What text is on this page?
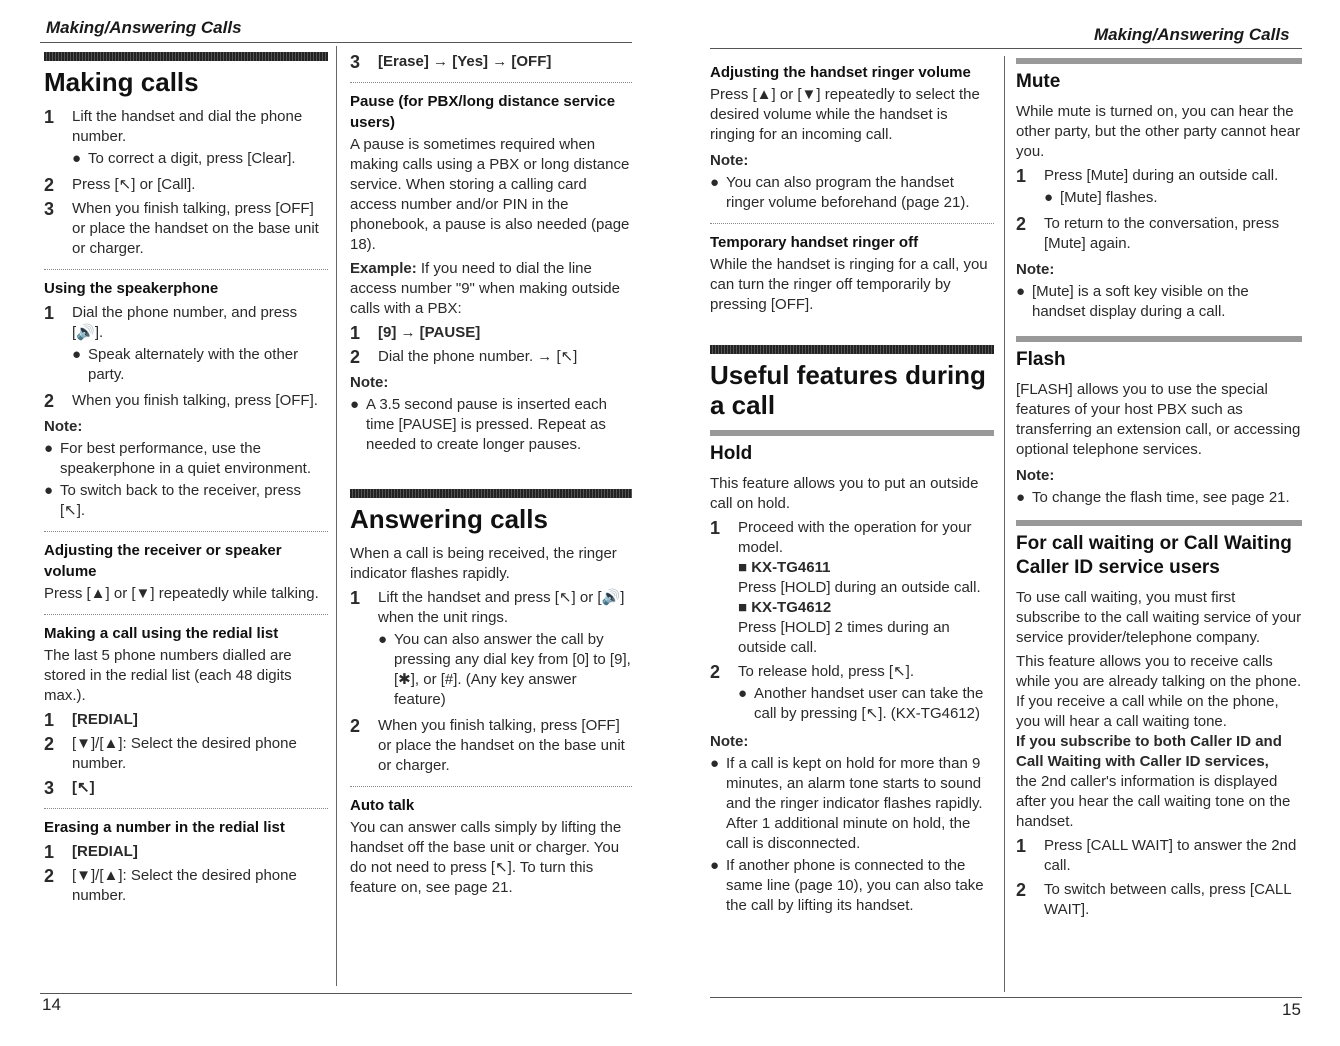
Making/Answering Calls
Making calls
1	Lift the handset and dial the phone number.
● To correct a digit, press [Clear].
2	Press [↖] or [Call].
3	When you finish talking, press [OFF] or place the handset on the base unit or charger.
Using the speakerphone
1	Dial the phone number, and press [🔊].
● Speak alternately with the other party.
2	When you finish talking, press [OFF].
Note:
● For best performance, use the speakerphone in a quiet environment.
● To switch back to the receiver, press [↖].
Adjusting the receiver or speaker volume

Press [▲] or [▼] repeatedly while talking.

Making a call using the redial list

The last 5 phone numbers dialled are stored in the redial list (each 48 digits max.).

1	[REDIAL]
2	[▼]/[▲]: Select the desired phone number.
3	[↖]
Erasing a number in the redial list
1	[REDIAL]
2	[▼]/[▲]: Select the desired phone number.
3	[Erase] → [Yes] → [OFF]
Pause (for PBX/long distance service users)

A pause is sometimes required when making calls using a PBX or long distance service. When storing a calling card access number and/or PIN in the phonebook, a pause is also needed (page 18).

Example: If you need to dial the line access number "9" when making outside calls with a PBX:

1	[9] → [PAUSE]
2	Dial the phone number. → [↖]
Note:
● A 3.5 second pause is inserted each time [PAUSE] is pressed. Repeat as needed to create longer pauses.
Answering calls

When a call is being received, the ringer indicator flashes rapidly.

1	Lift the handset and press [↖] or [🔊] when the unit rings.
● You can also answer the call by pressing any dial key from [0] to [9], [✱], or [#]. (Any key answer feature)
2	When you finish talking, press [OFF] or place the handset on the base unit or charger.
Auto talk

You can answer calls simply by lifting the handset off the base unit or charger. You do not need to press [↖]. To turn this feature on, see page 21.

14
Making/Answering Calls
Adjusting the handset ringer volume

Press [▲] or [▼] repeatedly to select the desired volume while the handset is ringing for an incoming call.

Note:
● You can also program the handset ringer volume beforehand (page 21).
Temporary handset ringer off

While the handset is ringing for a call, you can turn the ringer off temporarily by pressing [OFF].

Useful features during a call
Hold

This feature allows you to put an outside call on hold.

1	Proceed with the operation for your model.
■ KX-TG4611
Press [HOLD] during an outside call.
■ KX-TG4612
Press [HOLD] 2 times during an outside call.
2	To release hold, press [↖].
● Another handset user can take the call by pressing [↖]. (KX-TG4612)
Note:
● If a call is kept on hold for more than 9 minutes, an alarm tone starts to sound and the ringer indicator flashes rapidly. After 1 additional minute on hold, the call is disconnected.
● If another phone is connected to the same line (page 10), you can also take the call by lifting its handset.
Mute

While mute is turned on, you can hear the other party, but the other party cannot hear you.

1	Press [Mute] during an outside call.
● [Mute] flashes.
2	To return to the conversation, press [Mute] again.
Note:
● [Mute] is a soft key visible on the handset display during a call.
Flash

[FLASH] allows you to use the special features of your host PBX such as transferring an extension call, or accessing optional telephone services.

Note:
● To change the flash time, see page 21.
For call waiting or Call Waiting Caller ID service users

To use call waiting, you must first subscribe to the call waiting service of your service provider/telephone company.

This feature allows you to receive calls while you are already talking on the phone. If you receive a call while on the phone, you will hear a call waiting tone.

If you subscribe to both Caller ID and Call Waiting with Caller ID services,

the 2nd caller's information is displayed after you hear the call waiting tone on the handset.

1	Press [CALL WAIT] to answer the 2nd call.
2	To switch between calls, press [CALL WAIT].
15
